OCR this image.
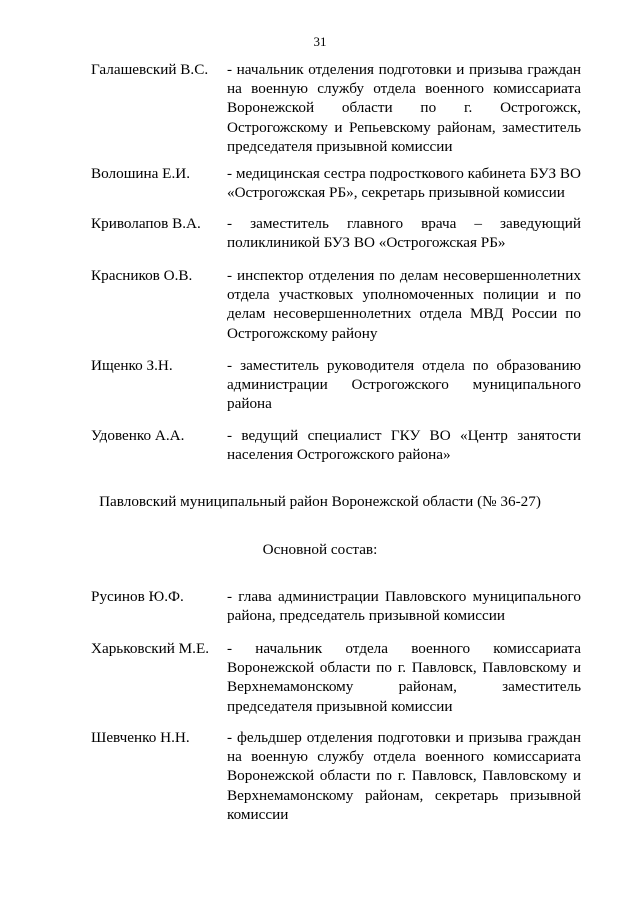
31
Галашевский В.С.	- начальник отделения подготовки и призыва граждан на военную службу отдела военного комиссариата Воронежской области по г. Острогожск, Острогожскому и Репьевскому районам, заместитель председателя призывной комиссии
Волошина Е.И.	- медицинская сестра подросткового кабинета БУЗ ВО «Острогожская РБ», секретарь призывной комиссии
Криволапов В.А.	- заместитель главного врача – заведующий поликлиникой БУЗ ВО «Острогожская РБ»
Красников О.В.	- инспектор отделения по делам несовершеннолетних отдела участковых уполномоченных полиции и по делам несовершеннолетних отдела МВД России по Острогожскому району
Ищенко З.Н.	- заместитель руководителя отдела по образованию администрации Острогожского муниципального района
Удовенко А.А.	- ведущий специалист ГКУ ВО «Центр занятости населения Острогожского района»
Павловский муниципальный район Воронежской области (№ 36-27)
Основной состав:
Русинов Ю.Ф.	- глава администрации Павловского муниципального района, председатель призывной комиссии
Харьковский М.Е.	- начальник отдела военного комиссариата Воронежской области по г. Павловск, Павловскому и Верхнемамонскому районам, заместитель председателя призывной комиссии
Шевченко Н.Н.	- фельдшер отделения подготовки и призыва граждан на военную службу отдела военного комиссариата Воронежской области по г. Павловск, Павловскому и Верхнемамонскому районам, секретарь призывной комиссии
